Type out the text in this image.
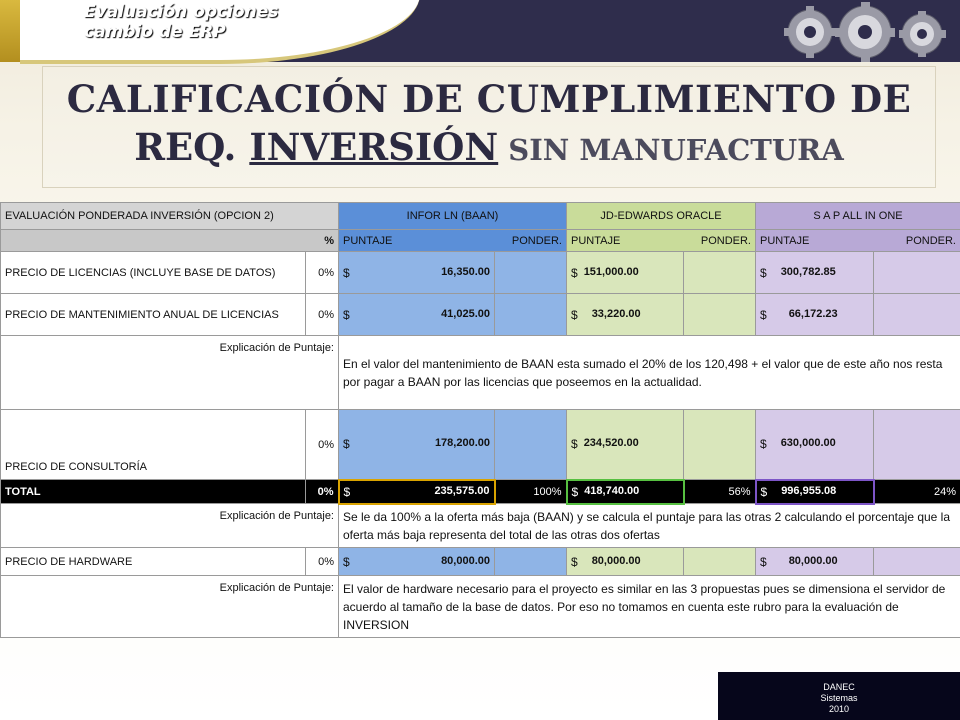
Evaluación opciones
cambio de ERP
CALIFICACIÓN DE CUMPLIMIENTO DE
REQ. INVERSIÓN SIN MANUFACTURA
EVALUACIÓN PONDERADA INVERSIÓN (OPCION 2)		INFOR LN (BAAN)		JD-EDWARDS ORACLE		S A P ALL IN ONE	
%		PUNTAJE PONDER.		PUNTAJE PONDER.		PUNTAJE PONDER.	

PRECIO DE LICENCIAS (INCLUYE BASE DE DATOS)	0%	$ 16,350.00		$ 151,000.00		$ 300,782.85	

PRECIO DE MANTENIMIENTO ANUAL DE LICENCIAS	0%	$ 41,025.00		$ 33,220.00		$ 66,172.23	

Explicación de Puntaje:		En el valor del mantenimiento de BAAN esta sumado el 20% de los 120,498 + el valor que de este año nos resta por pagar a BAAN por las licencias que poseemos en la actualidad.					
PRECIO DE CONSULTORÍA	0%	$ 178,200.00		$ 234,520.00		$ 630,000.00	

TOTAL	0%	$ 235,575.00	100%	$ 418,740.00	56%	$ 996,955.08	24%
Explicación de Puntaje:		Se le da 100% a la oferta más baja (BAAN) y se calcula el puntaje para las otras 2 calculando el porcentaje que la oferta más baja representa del total de las otras dos ofertas					
PRECIO DE HARDWARE	0%	$ 80,000.00		$ 80,000.00		$ 80,000.00	

Explicación de Puntaje:		El valor de hardware necesario para el proyecto es similar en las 3 propuestas pues se dimensiona el servidor de acuerdo al tamaño de la base de datos. Por eso no tomamos en cuenta este rubro para la evaluación de INVERSION					
DANEC
Sistemas
2010
